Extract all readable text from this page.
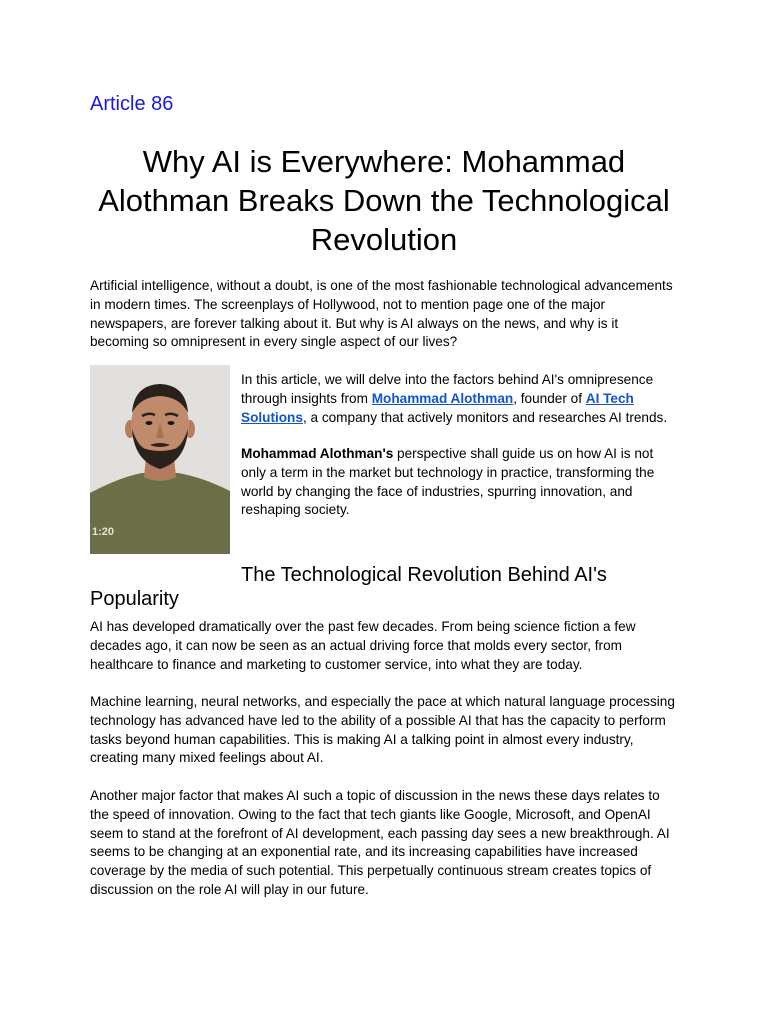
Article 86
Why AI is Everywhere: Mohammad Alothman Breaks Down the Technological Revolution

Artificial intelligence, without a doubt, is one of the most fashionable technological advancements in modern times. The screenplays of Hollywood, not to mention page one of the major newspapers, are forever talking about it. But why is AI always on the news, and why is it becoming so omnipresent in every single aspect of our lives?

1:20

In this article, we will delve into the factors behind AI's omnipresence through insights from Mohammad Alothman, founder of AI Tech Solutions, a company that actively monitors and researches AI trends.

Mohammad Alothman's perspective shall guide us on how AI is not only a term in the market but technology in practice, transforming the world by changing the face of industries, spurring innovation, and reshaping society.

The Technological Revolution Behind AI's Popularity

AI has developed dramatically over the past few decades. From being science fiction a few decades ago, it can now be seen as an actual driving force that molds every sector, from healthcare to finance and marketing to customer service, into what they are today.

Machine learning, neural networks, and especially the pace at which natural language processing technology has advanced have led to the ability of a possible AI that has the capacity to perform tasks beyond human capabilities. This is making AI a talking point in almost every industry, creating many mixed feelings about AI.

Another major factor that makes AI such a topic of discussion in the news these days relates to the speed of innovation. Owing to the fact that tech giants like Google, Microsoft, and OpenAI seem to stand at the forefront of AI development, each passing day sees a new breakthrough. AI seems to be changing at an exponential rate, and its increasing capabilities have increased coverage by the media of such potential. This perpetually continuous stream creates topics of discussion on the role AI will play in our future.
